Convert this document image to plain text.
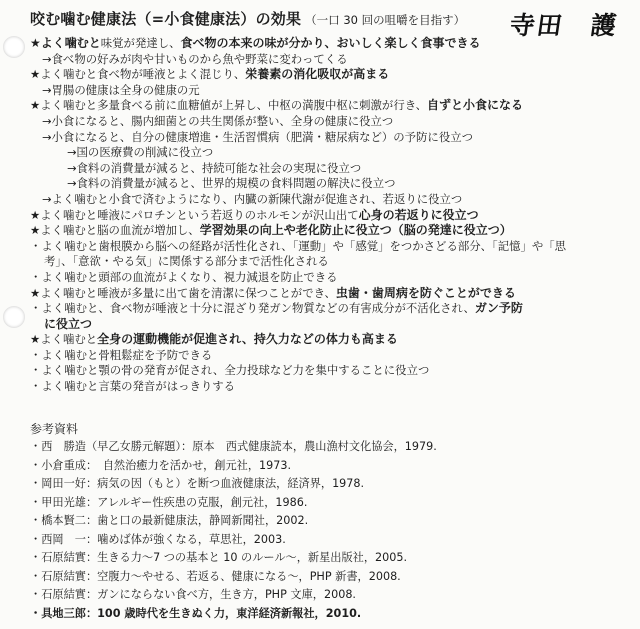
咬む噛む健康法（=小食健康法）の効果 （一口 30 回の咀嚼を目指す）	寺田　護
★よく噛むと味覚が発達し、食べ物の本来の味が分かり、おいしく楽しく食事できる
→食べ物の好みが肉や甘いものから魚や野菜に変わってくる
★よく噛むと食べ物が唾液とよく混じり、栄養素の消化吸収が高まる
→胃腸の健康は全身の健康の元
★よく噛むと多量食べる前に血糖値が上昇し、中枢の満腹中枢に刺激が行き、自ずと小食になる
→小食になると、腸内細菌との共生関係が整い、全身の健康に役立つ
→小食になると、自分の健康増進・生活習慣病（肥満・糖尿病など）の予防に役立つ
→国の医療費の削減に役立つ
→食料の消費量が減ると、持続可能な社会の実現に役立つ
→食料の消費量が減ると、世界的規模の食料問題の解決に役立つ
→よく噛むと小食で済むようになり、内臓の新陳代謝が促進され、若返りに役立つ
★よく噛むと唾液にパロチンという若返りのホルモンが沢山出て心身の若返りに役立つ
★よく噛むと脳の血流が増加し、学習効果の向上や老化防止に役立つ（脳の発達に役立つ）
・よく噛むと歯根膜から脳への経路が活性化され、「運動」や「感覚」をつかさどる部分、「記憶」や「思
考」、「意欲・やる気」に関係する部分まで活性化される
・よく噛むと頭部の血流がよくなり、視力減退を防止できる
★よく噛むと唾液が多量に出て歯を清潔に保つことができ、虫歯・歯周病を防ぐことができる
・よく噛むと、食べ物が唾液と十分に混ざり発ガン物質などの有害成分が不活化され、ガン予防
に役立つ
★よく噛むと全身の運動機能が促進され、持久力などの体力も高まる
・よく噛むと骨粗鬆症を予防できる
・よく噛むと顎の骨の発育が促され、全力投球など力を集中することに役立つ
・よく噛むと言葉の発音がはっきりする
参考資料
・西　勝造（早乙女勝元解題）：原本　西式健康読本，農山漁村文化協会，1979.
・小倉重成：　自然治癒力を活かせ，創元社，1973.
・岡田一好：病気の因（もと）を断つ血液健康法，経済界，1978.
・甲田光雄：アレルギー性疾患の克服，創元社，1986.
・橋本賢二：歯と口の最新健康法，静岡新聞社，2002.
・西岡　一：噛めば体が強くなる，草思社，2003.
・石原結實：生きる力～7 つの基本と 10 のルール～，新星出版社，2005.
・石原結實：空腹力～やせる、若返る、健康になる～，PHP 新書，2008.
・石原結實：ガンにならない食べ方，生き方，PHP 文庫，2008.
・具地三郎：100 歳時代を生きぬく力，東洋経済新報社，2010.
